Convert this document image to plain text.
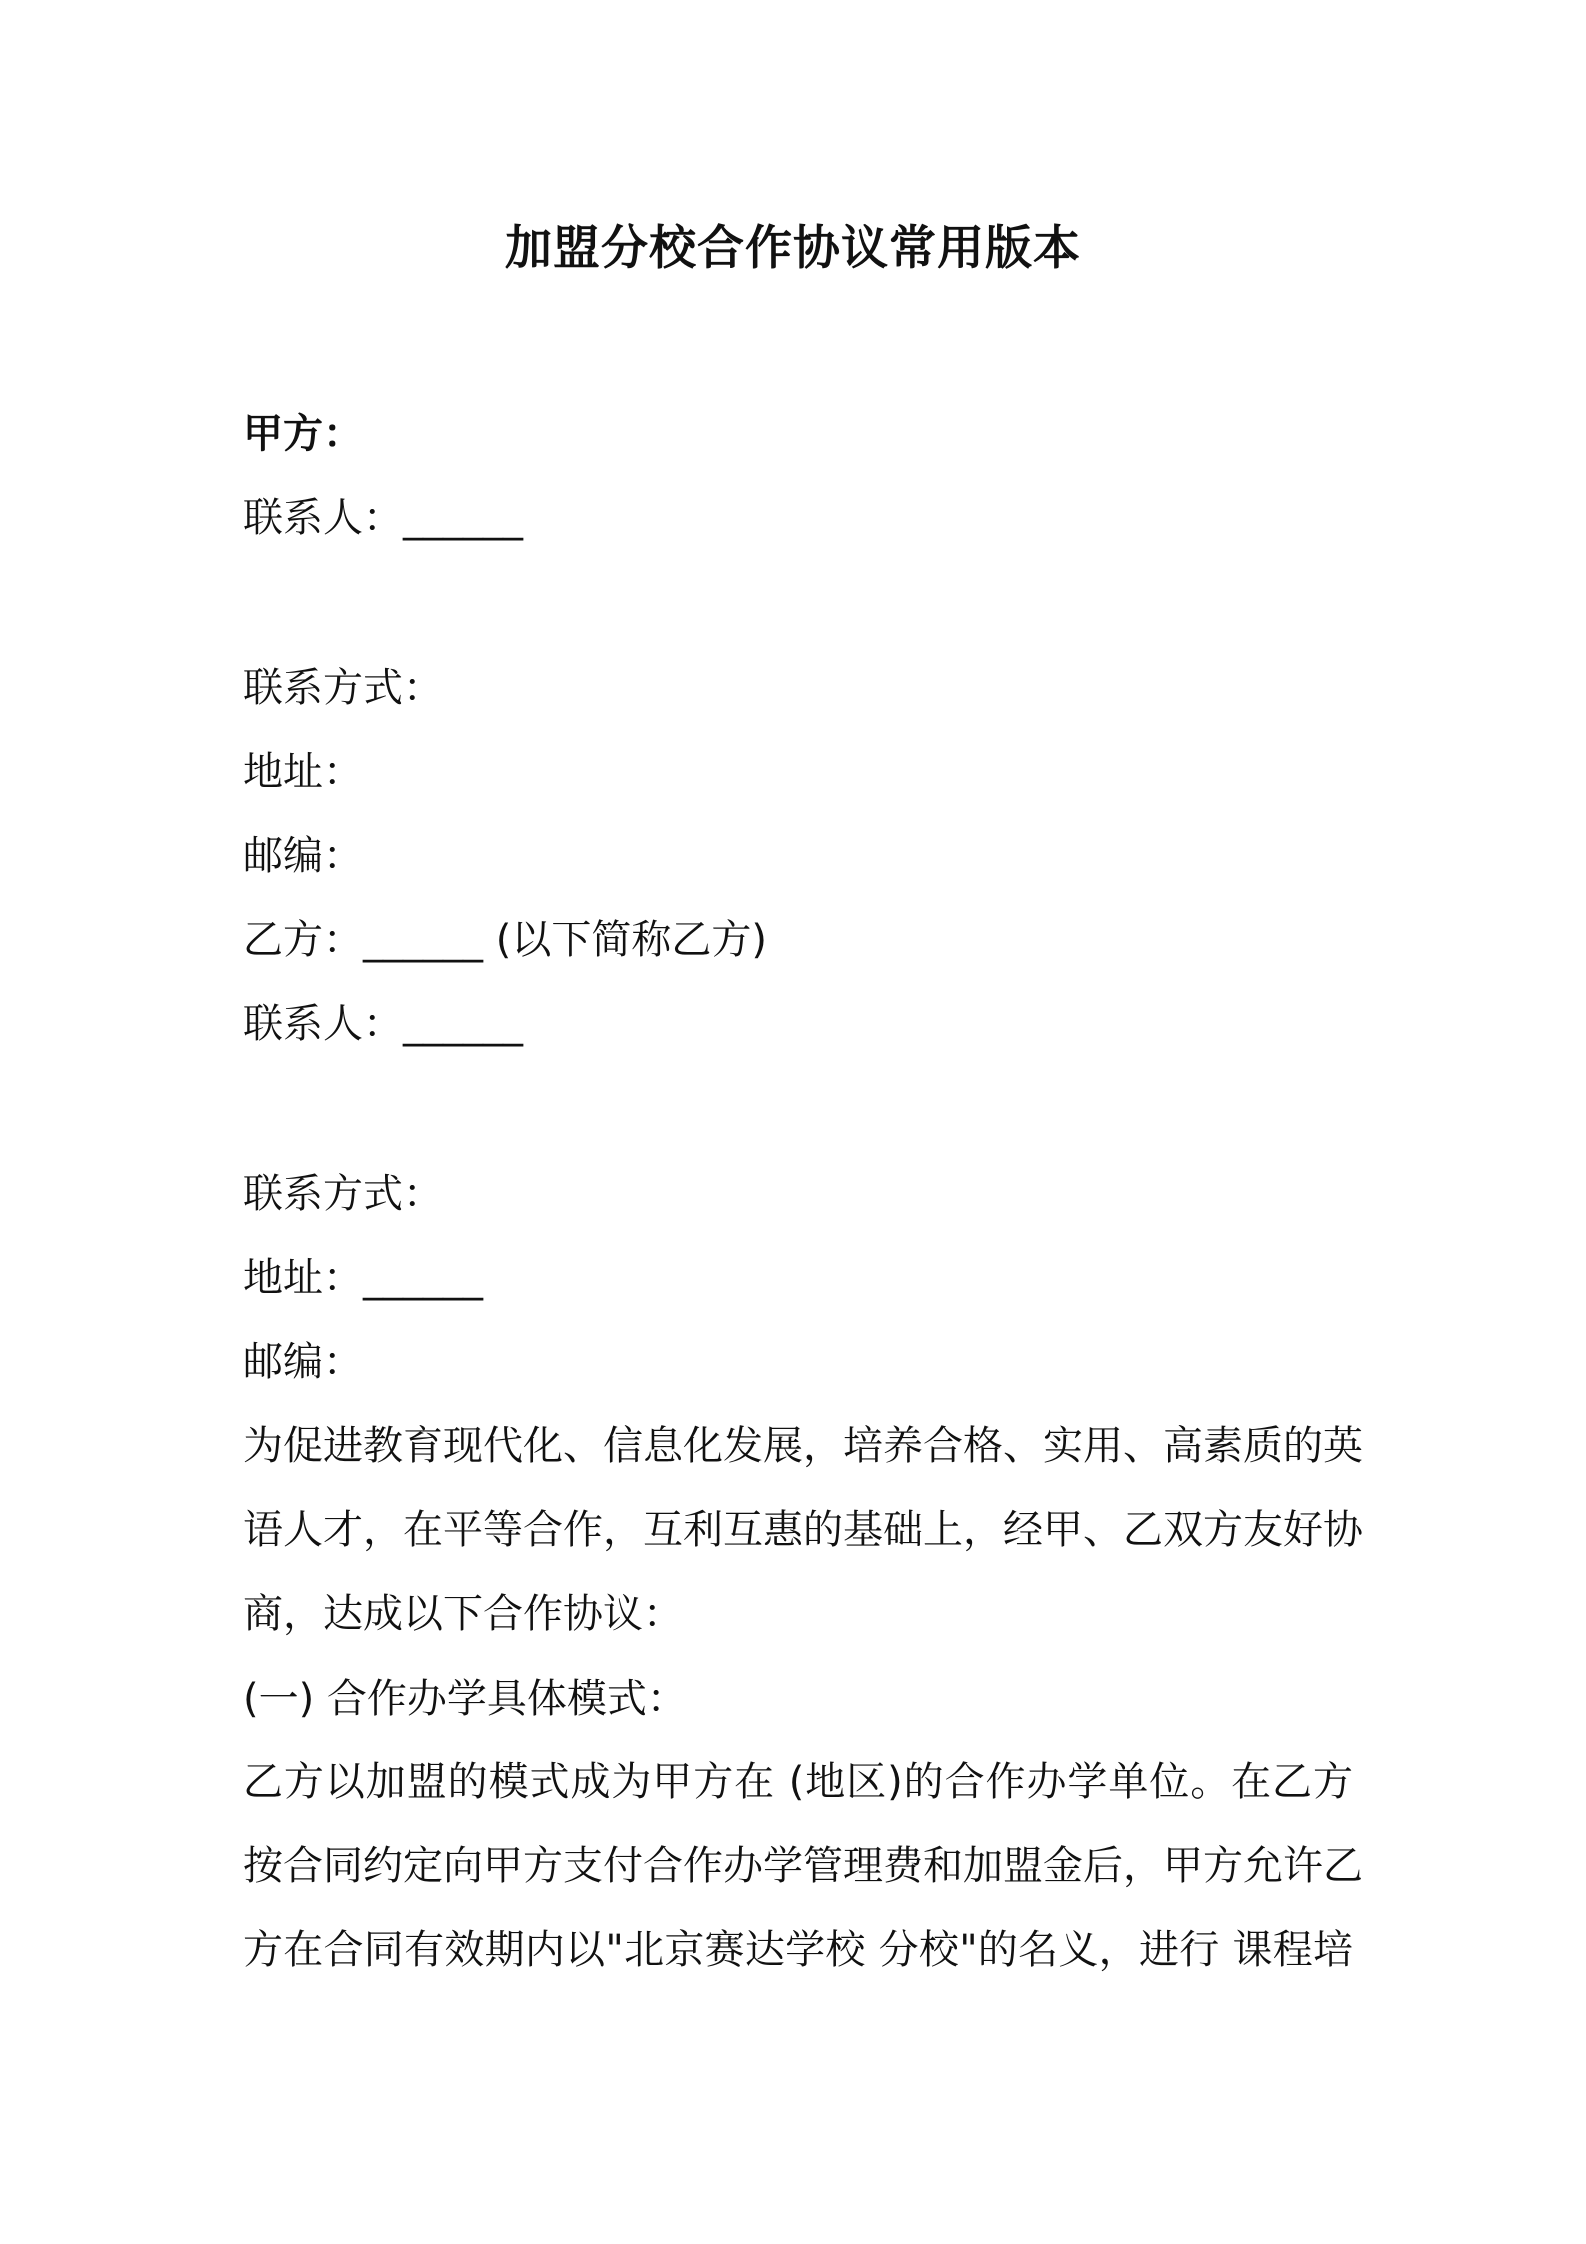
加盟分校合作协议常用版本
甲方：
联系人：______
联系方式：
地址：
邮编：
乙方：______ (以下简称乙方)
联系人：______
联系方式：
地址：______
邮编：
为促进教育现代化、信息化发展，培养合格、实用、高素质的英
语人才，在平等合作，互利互惠的基础上，经甲、乙双方友好协
商，达成以下合作协议：
(一) 合作办学具体模式：
乙方以加盟的模式成为甲方在 (地区)的合作办学单位。在乙方
按合同约定向甲方支付合作办学管理费和加盟金后，甲方允许乙
方在合同有效期内以"北京赛达学校 分校"的名义，进行 课程培
